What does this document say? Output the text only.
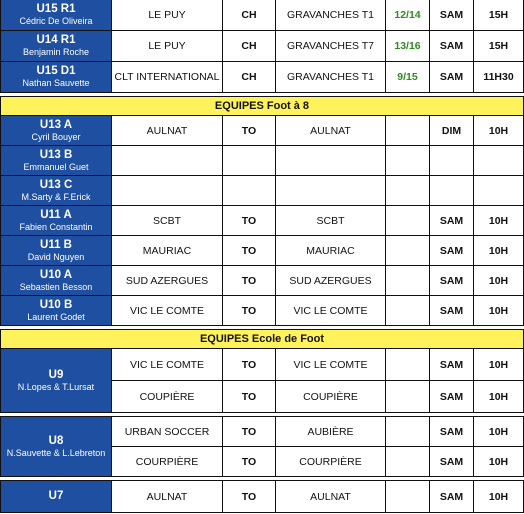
U15 R1
Cédric De Oliveira	LE PUY	CH	GRAVANCHES T1	12/14	SAM	15H

U14 R1
Benjamin Roche	LE PUY	CH	GRAVANCHES T7	13/16	SAM	15H

U15 D1
Nathan Sauvette	CLT INTERNATIONAL	CH	GRAVANCHES T1	9/15	SAM	11H30

EQUIPES Foot à 8						

U13 A
Cyril Bouyer	AULNAT	TO	AULNAT		DIM	10H

U13 B
Emmanuel Guet						

U13 C
M.Sarty & F.Erick						

U11 A
Fabien Constantin	SCBT	TO	SCBT		SAM	10H

U11 B
David Nguyen	MAURIAC	TO	MAURIAC		SAM	10H

U10 A
Sebastien Besson	SUD AZERGUES	TO	SUD AZERGUES		SAM	10H

U10 B
Laurent Godet	VIC LE COMTE	TO	VIC LE COMTE		SAM	10H

EQUIPES Ecole de Foot						

U9
N.Lopes & T.Lursat	VIC LE COMTE	TO	VIC LE COMTE		SAM	10H
	COUPIÈRE	TO	COUPIÈRE		SAM	10H

U8
N.Sauvette & L.Lebreton	URBAN SOCCER	TO	AUBIÈRE		SAM	10H
	COURPIÈRE	TO	COURPIÈRE		SAM	10H

U7	AULNAT	TO	AULNAT		SAM	10H
